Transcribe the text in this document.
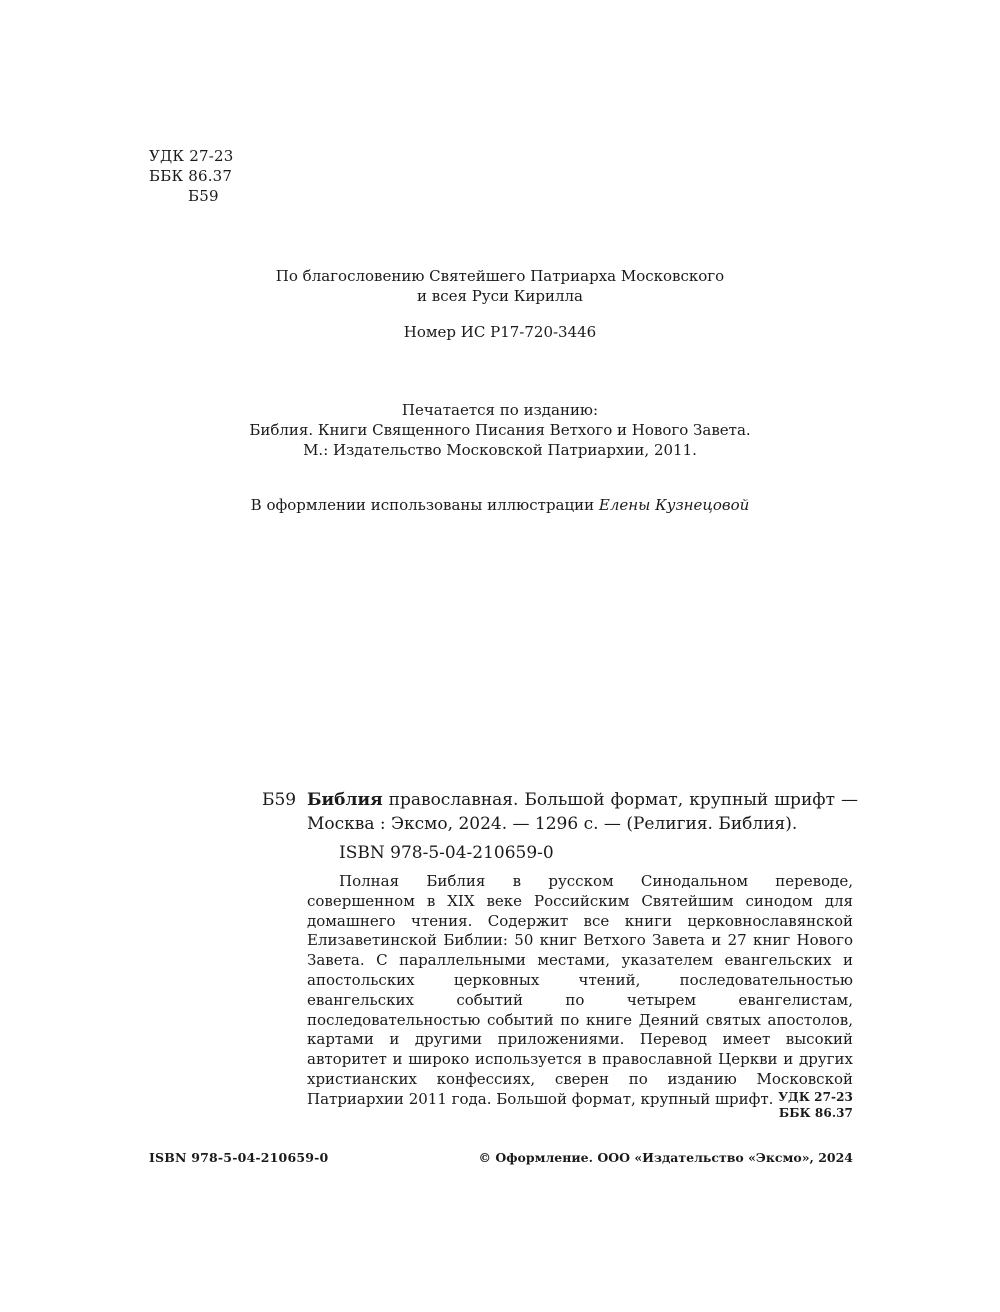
УДК 27-23

ББК 86.37

Б59

По благословению Святейшего Патриарха Московского
и всея Руси Кирилла
Номер ИС Р17-720-3446
Печатается по изданию:
Библия. Книги Священного Писания Ветхого и Нового Завета.
М.: Издательство Московской Патриархии, 2011.
В оформлении использованы иллюстрации Елены Кузнецовой
Б59 Библия православная. Большой формат, крупный шрифт — Москва : Эксмо, 2024. — 1296 с. — (Религия. Библия).
ISBN 978-5-04-210659-0
Полная Библия в русском Синодальном переводе, совершенном в XIX веке Российским Святейшим синодом для домашнего чтения. Содержит все книги церковнославянской Елизаветинской Библии: 50 книг Ветхого Завета и 27 книг Нового Завета. С параллельными местами, указателем евангельских и апостольских церковных чтений, последовательностью евангельских событий по четырем евангелистам, последовательностью событий по книге Деяний святых апостолов, картами и другими приложениями. Перевод имеет высокий авторитет и широко используется в православной Церкви и других христианских конфессиях, сверен по изданию Московской Патриархии 2011 года. Большой формат, крупный шрифт. УДК 27-23
ББК 86.37
ISBN 978-5-04-210659-0	© Оформление. ООО «Издательство «Эксмо», 2024
